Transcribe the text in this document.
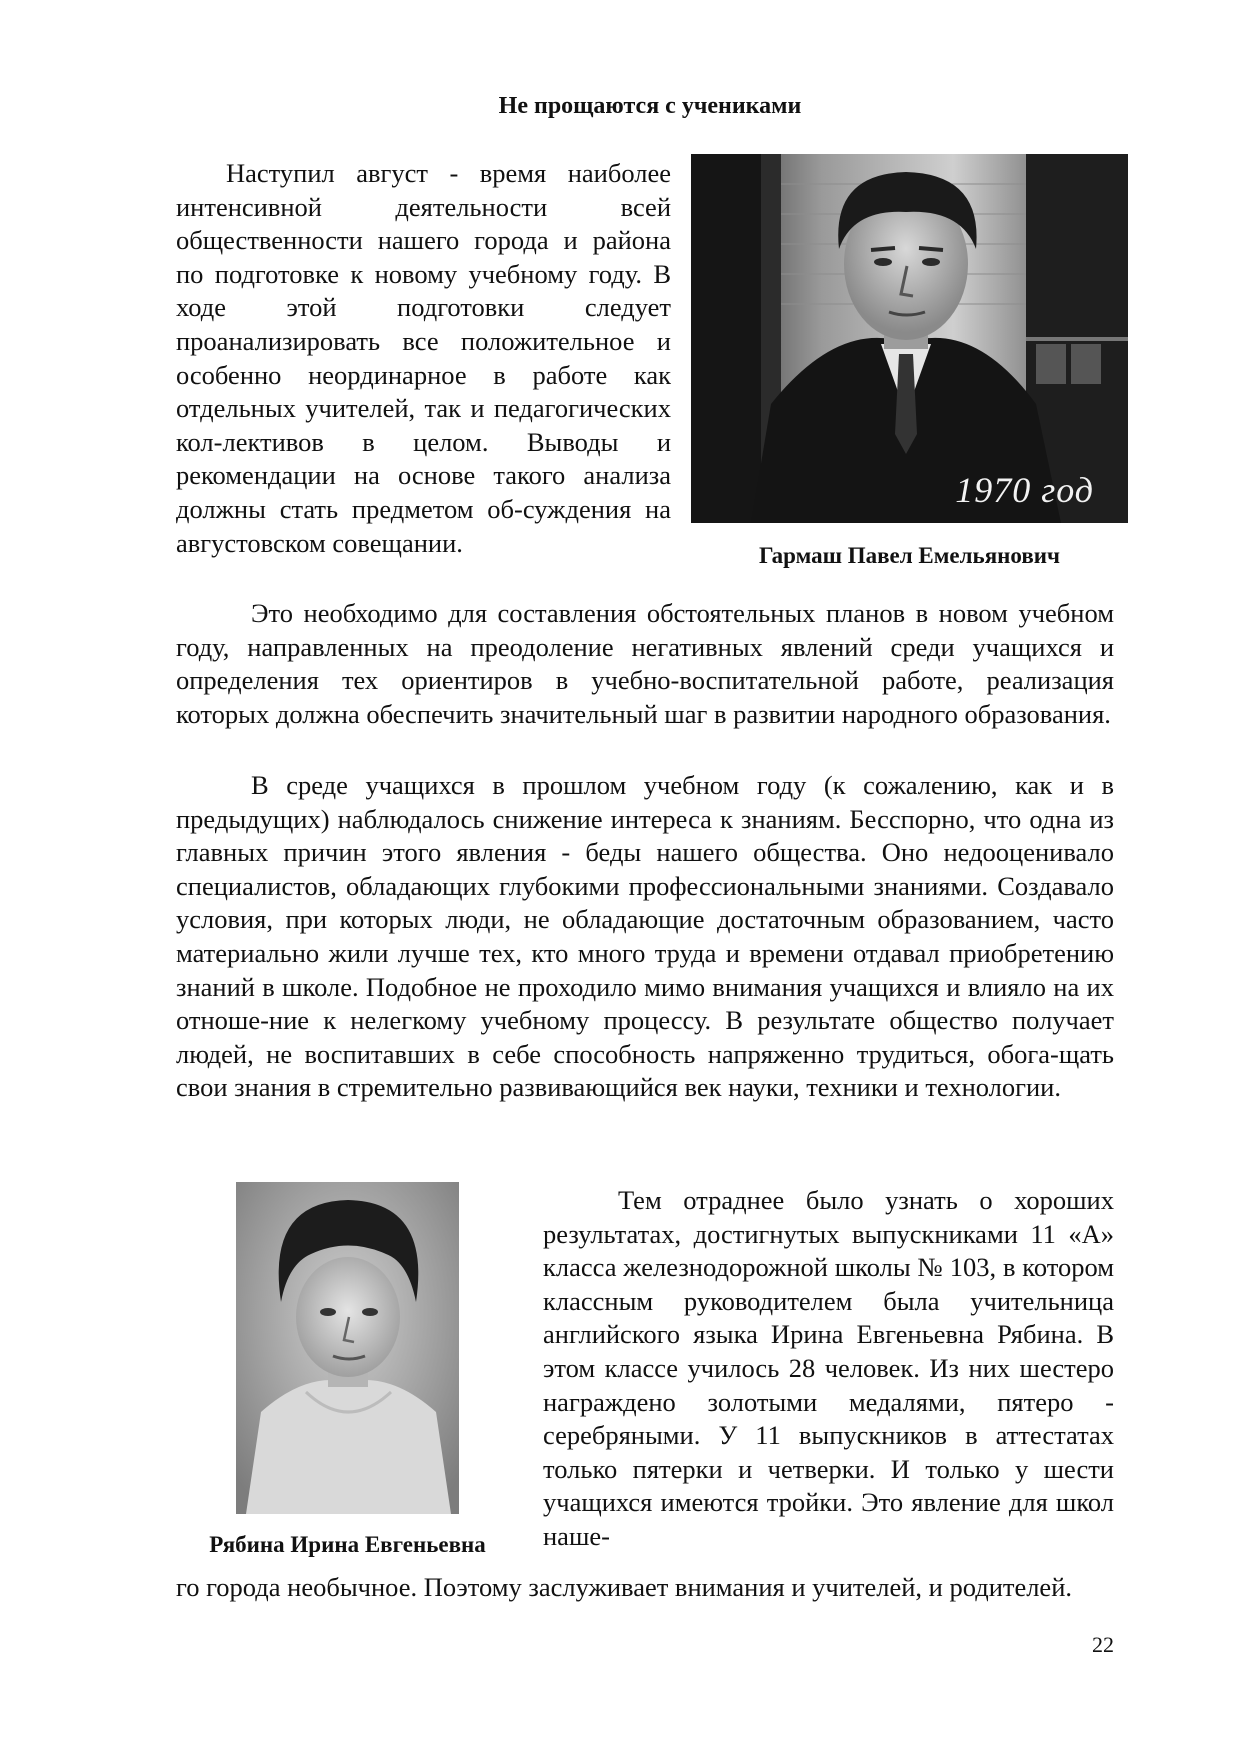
Не прощаются с учениками

Наступил август - время наиболее интенсивной деятельности всей общественности нашего города и района по подготовке к новому учебному году. В ходе этой подготовки следует проанализировать все положительное и особенно неординарное в работе как отдельных учителей, так и педагогических кол-лективов в целом. Выводы и рекомендации на основе такого анализа должны стать предметом об-суждения на августовском совещании.

1970 год
Гармаш Павел Емельянович

Это необходимо для составления обстоятельных планов в новом учебном году, направленных на преодоление негативных явлений среди учащихся и определения тех ориентиров в учебно-воспитательной работе, реализация которых должна обеспечить значительный шаг в развитии народного образования.

В среде учащихся в прошлом учебном году (к сожалению, как и в предыдущих) наблюдалось снижение интереса к знаниям. Бесспорно, что одна из главных причин этого явления - беды нашего общества. Оно недооценивало специалистов, обладающих глубокими профессиональными знаниями. Создавало условия, при которых люди, не обладающие достаточным образованием, часто материально жили лучше тех, кто много труда и времени отдавал приобретению знаний в школе. Подобное не проходило мимо внимания учащихся и влияло на их отноше-ние к нелегкому учебному процессу. В результате общество получает людей, не воспитавших в себе способность напряженно трудиться, обога-щать свои знания в стремительно развивающийся век науки, техники и технологии.

Рябина Ирина Евгеньевна

Тем отраднее было узнать о хороших результатах, достигнутых выпускниками 11 «А» класса железнодорожной школы № 103, в котором классным руководителем была учительница английского языка Ирина Евгеньевна Рябина. В этом классе училось 28 человек. Из них шестеро награждено золотыми медалями, пятеро - серебряными. У 11 выпускников в аттестатах только пятерки и четверки. И только у шести учащихся имеются тройки. Это явление для школ наше-

го города необычное. Поэтому заслуживает внимания и учителей, и родителей.

22
